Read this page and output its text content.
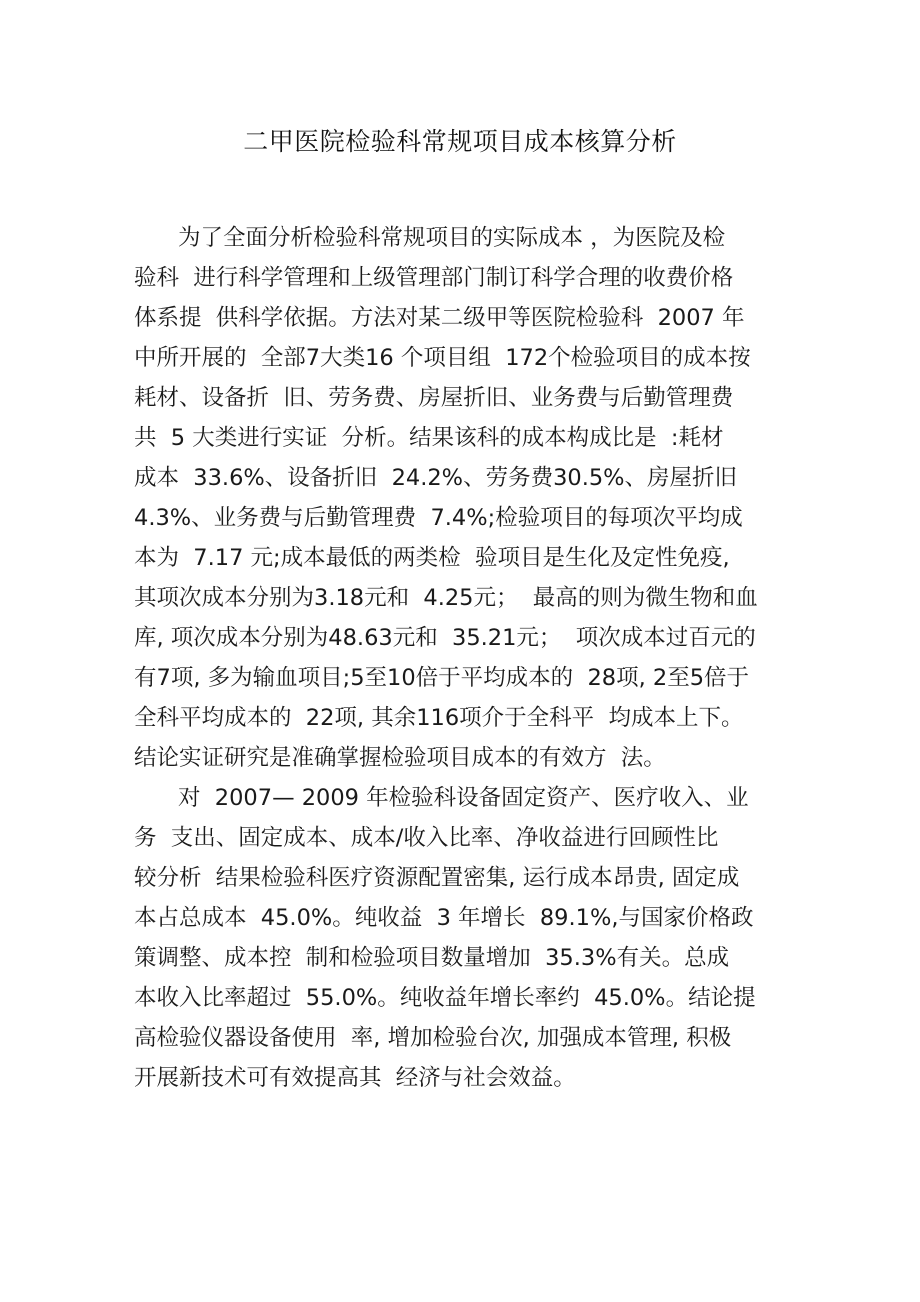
二甲医院检验科常规项目成本核算分析
为了全面分析检验科常规项目的实际成本 ，为医院及检
验科  进行科学管理和上级管理部门制订科学合理的收费价格
体系提  供科学依据。方法对某二级甲等医院检验科  2007 年
中所开展的  全部7大类16 个项目组  172个检验项目的成本按
耗材、设备折  旧、劳务费、房屋折旧、业务费与后勤管理费
共  5 大类进行实证  分析。结果该科的成本构成比是  :耗材
成本  33.6%、设备折旧  24.2%、劳务费30.5%、房屋折旧
4.3%、业务费与后勤管理费  7.4%;检验项目的每项次平均成
本为  7.17 元;成本最低的两类检  验项目是生化及定性免疫,
其项次成本分别为3.18元和  4.25元；  最高的则为微生物和血
库, 项次成本分别为48.63元和  35.21元；  项次成本过百元的
有7项, 多为输血项目;5至10倍于平均成本的  28项, 2至5倍于
全科平均成本的  22项, 其余116项介于全科平  均成本上下。
结论实证研究是准确掌握检验项目成本的有效方  法。
对  2007— 2009 年检验科设备固定资产、医疗收入、业
务  支出、固定成本、成本/收入比率、净收益进行回顾性比
较分析  结果检验科医疗资源配置密集, 运行成本昂贵, 固定成
本占总成本  45.0%。纯收益  3 年增长  89.1%,与国家价格政
策调整、成本控  制和检验项目数量增加  35.3%有关。总成
本收入比率超过  55.0%。纯收益年增长率约  45.0%。结论提
高检验仪器设备使用  率, 增加检验台次, 加强成本管理, 积极
开展新技术可有效提高其  经济与社会效益。
